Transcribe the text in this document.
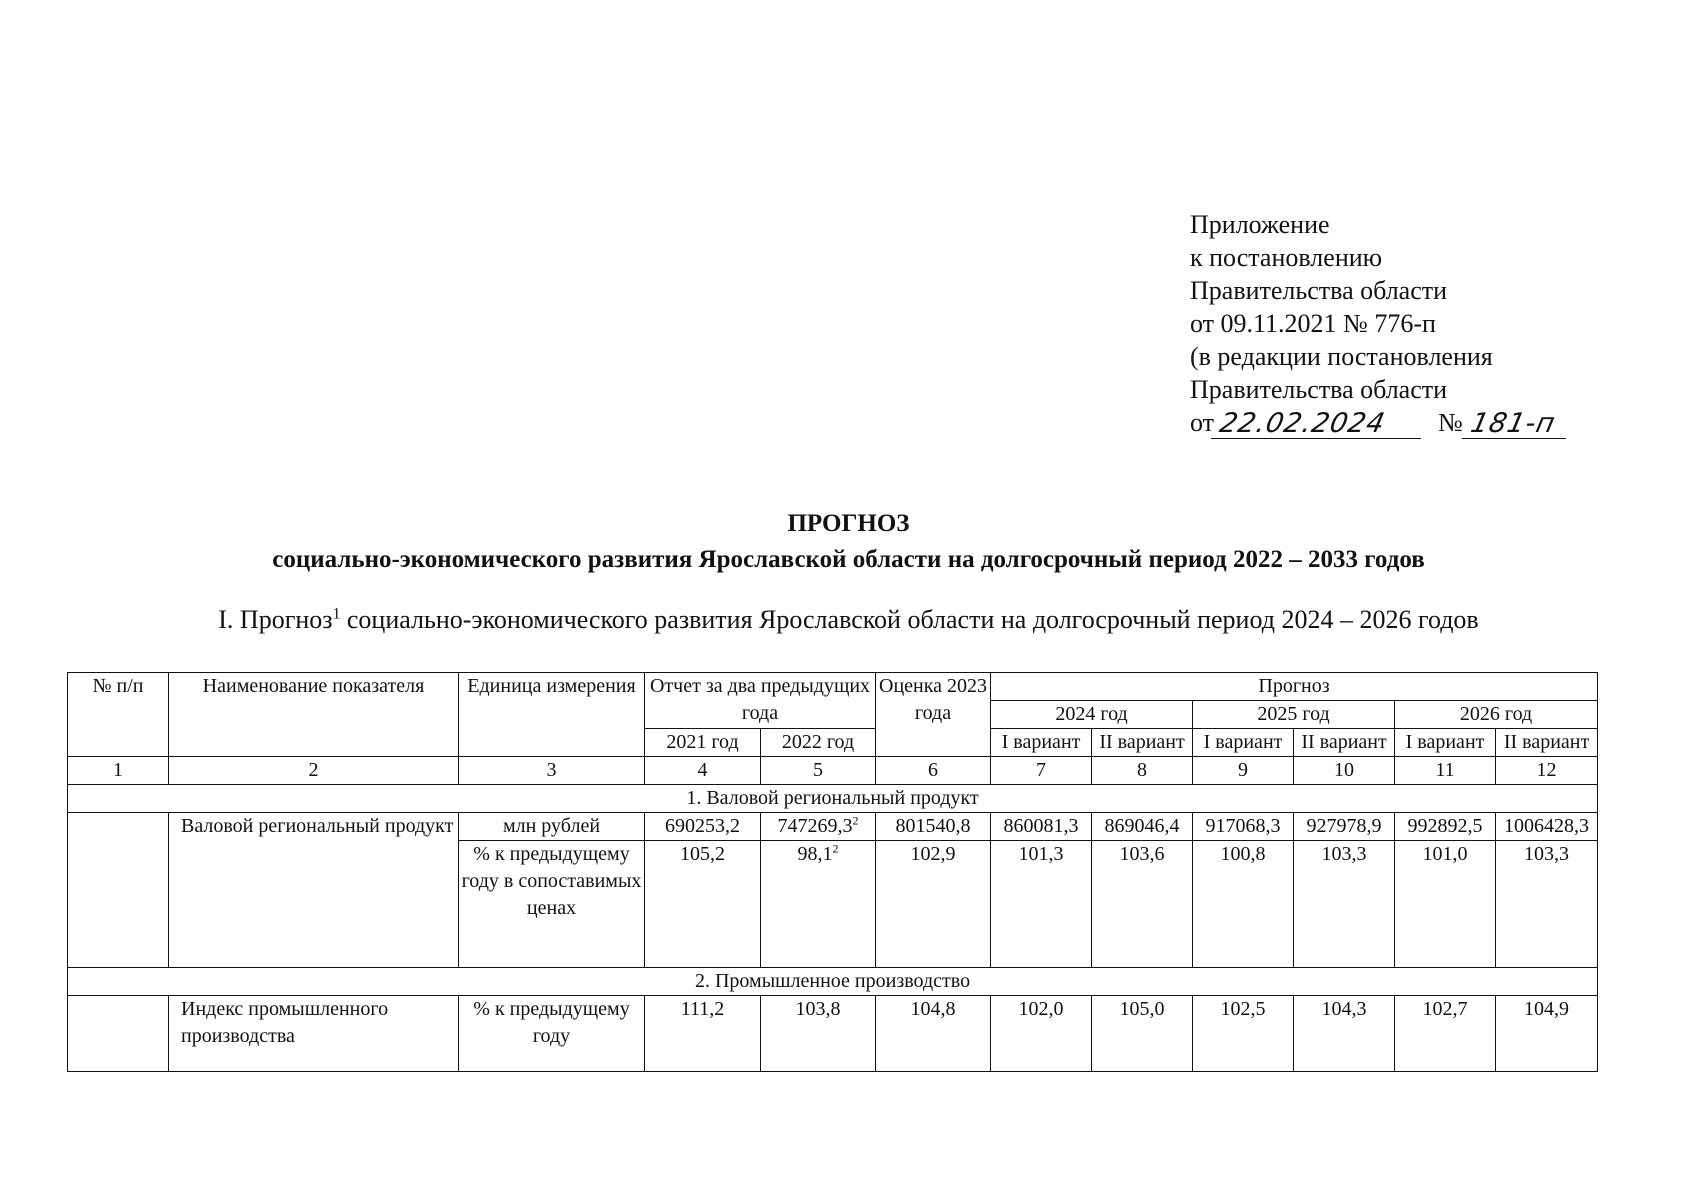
Приложение
к постановлению
Правительства области
от 09.11.2021 № 776-п
(в редакции постановления
Правительства области
от 22.02.2024	№ 181-п
ПРОГНОЗ
социально-экономического развития Ярославской области на долгосрочный период 2022 – 2033 годов
I. Прогноз$^1$ социально-экономического развития Ярославской области на долгосрочный период 2024 – 2026 годов
№ п/п	Наименование показателя	Единица измерения	Отчет за два предыдущих года		Оценка 2023 года	Прогноз					
						2024 год		2025 год		2026 год	
			2021 год	2022 год		I вариант	II вариант	I вариант	II вариант	I вариант	II вариант

1	2	3	4	5	6	7	8	9	10	11	12
1. Валовой региональный продукт											
	Валовой региональный продукт	млн рублей	690253,2	747269,3$^2$	801540,8	860081,3	869046,4	917068,3	927978,9	992892,5	1006428,3
		% к предыдущему году в сопоставимых ценах	105,2	98,1$^2$	102,9	101,3	103,6	100,8	103,3	101,0	103,3
2. Промышленное производство											
	Индекс промышленного производства	% к предыдущему году	111,2	103,8	104,8	102,0	105,0	102,5	104,3	102,7	104,9
